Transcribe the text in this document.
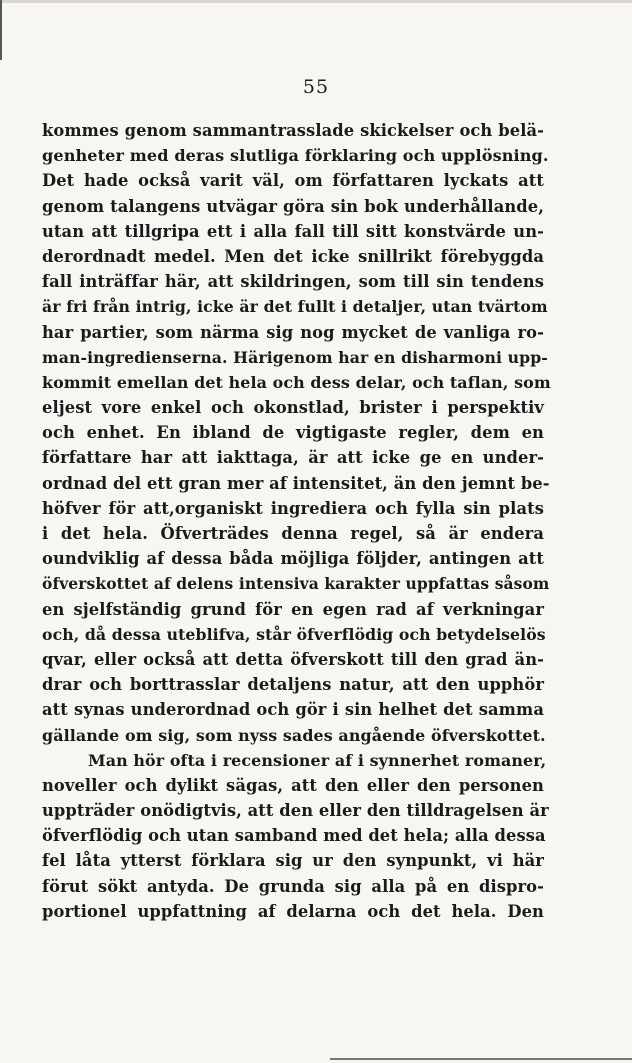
55
kommes genom sammantrasslade skickelser och belä-
genheter med deras slutliga förklaring och upplösning.
Det hade också varit väl, om författaren lyckats att
genom talangens utvägar göra sin bok underhållande,
utan att tillgripa ett i alla fall till sitt konstvärde un-
derordnadt medel. Men det icke snillrikt förebyggda
fall inträffar här, att skildringen, som till sin tendens
är fri från intrig, icke är det fullt i detaljer, utan tvärtom
har partier, som närma sig nog mycket de vanliga ro-
man-ingredienserna. Härigenom har en disharmoni upp-
kommit emellan det hela och dess delar, och taflan, som
eljest vore enkel och okonstlad, brister i perspektiv
och enhet. En ibland de vigtigaste regler, dem en
författare har att iakttaga, är att icke ge en under-
ordnad del ett gran mer af intensitet, än den jemnt be-
höfver för att,organiskt ingrediera och fylla sin plats
i det hela. Öfverträdes denna regel, så är endera
oundviklig af dessa båda möjliga följder, antingen att
öfverskottet af delens intensiva karakter uppfattas såsom
en sjelfständig grund för en egen rad af verkningar
och, då dessa uteblifva, står öfverflödig och betydelselös
qvar, eller också att detta öfverskott till den grad än-
drar och borttrasslar detaljens natur, att den upphör
att synas underordnad och gör i sin helhet det samma
gällande om sig, som nyss sades angående öfverskottet.
Man hör ofta i recensioner af i synnerhet romaner,
noveller och dylikt sägas, att den eller den personen
uppträder onödigtvis, att den eller den tilldragelsen är
öfverflödig och utan samband med det hela; alla dessa
fel låta ytterst förklara sig ur den synpunkt, vi här
förut sökt antyda. De grunda sig alla på en dispro-
portionel uppfattning af delarna och det hela. Den
